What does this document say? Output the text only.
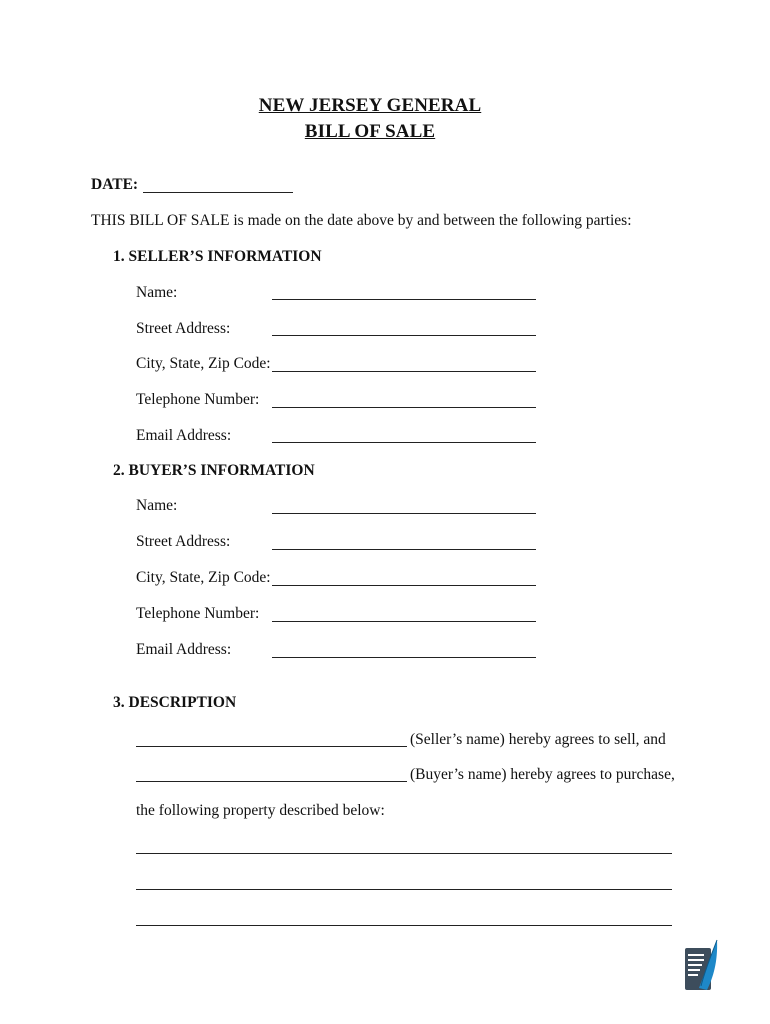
NEW JERSEY GENERAL
BILL OF SALE
DATE:
THIS BILL OF SALE is made on the date above by and between the following parties:
1. SELLER’S INFORMATION
Name:
Street Address:
City, State, Zip Code:
Telephone Number:
Email Address:
2. BUYER’S INFORMATION
Name:
Street Address:
City, State, Zip Code:
Telephone Number:
Email Address:
3. DESCRIPTION
(Seller’s name) hereby agrees to sell, and
(Buyer’s name) hereby agrees to purchase,
the following property described below:
